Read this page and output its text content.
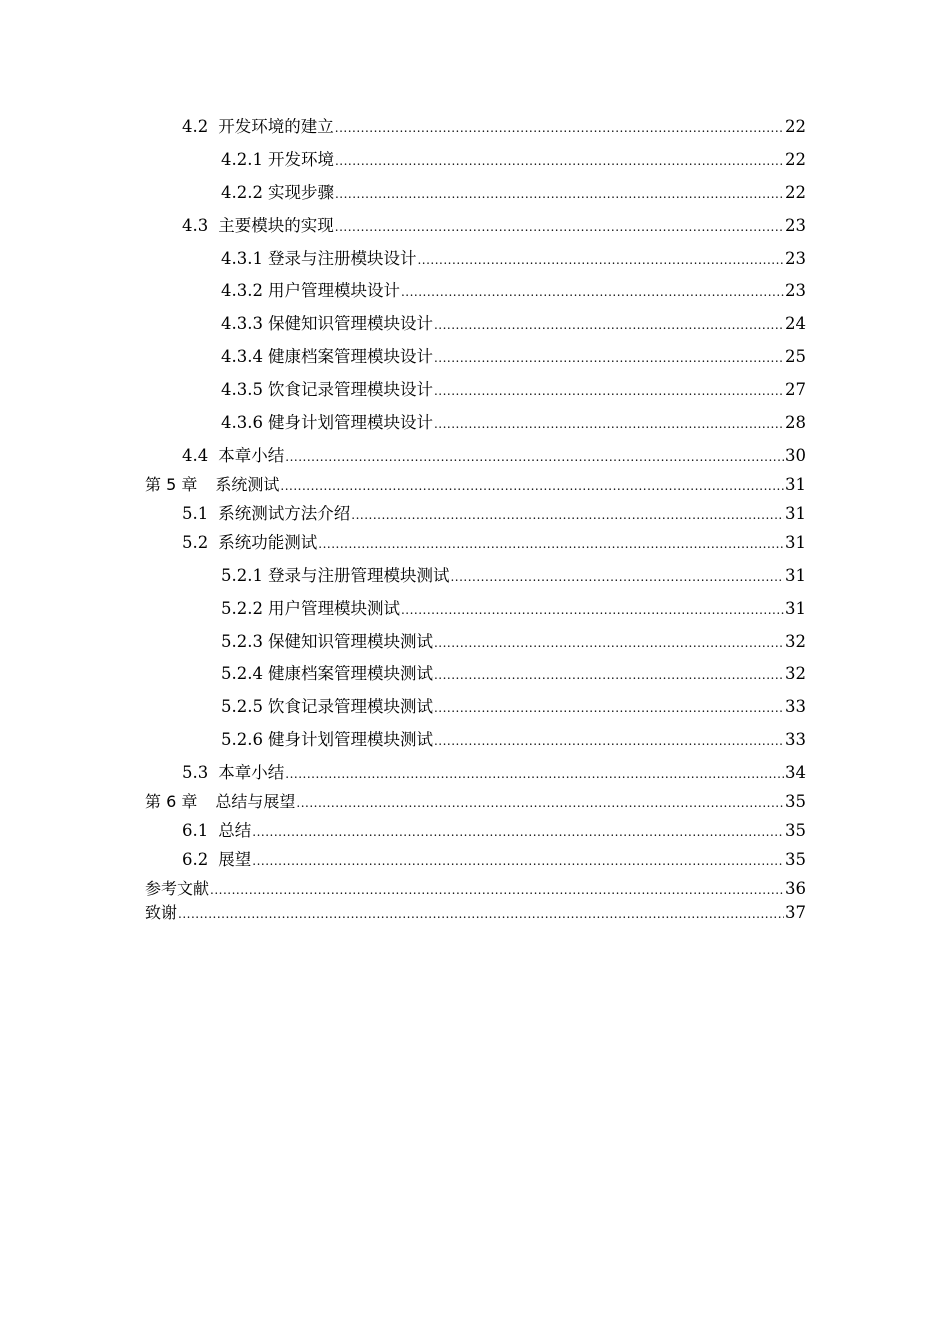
4.2 开发环境的建立 .....	22
4.2.1 开发环境 .....	22
4.2.2 实现步骤 .....	22
4.3 主要模块的实现 .....	23
4.3.1 登录与注册模块设计 .....	23
4.3.2 用户管理模块设计 .....	23
4.3.3 保健知识管理模块设计 .....	24
4.3.4 健康档案管理模块设计 .....	25
4.3.5 饮食记录管理模块设计 .....	27
4.3.6 健身计划管理模块设计 .....	28
4.4 本章小结 .....	30
第 5 章 系统测试 .....	31
5.1 系统测试方法介绍 .....	31
5.2 系统功能测试 .....	31
5.2.1 登录与注册管理模块测试 .....	31
5.2.2 用户管理模块测试 .....	31
5.2.3 保健知识管理模块测试 .....	32
5.2.4 健康档案管理模块测试 .....	32
5.2.5 饮食记录管理模块测试 .....	33
5.2.6 健身计划管理模块测试 .....	33
5.3 本章小结 .....	34
第 6 章 总结与展望 .....	35
6.1 总结 .....	35
6.2 展望 .....	35
参考文献 .....	36
致谢 .....	37
